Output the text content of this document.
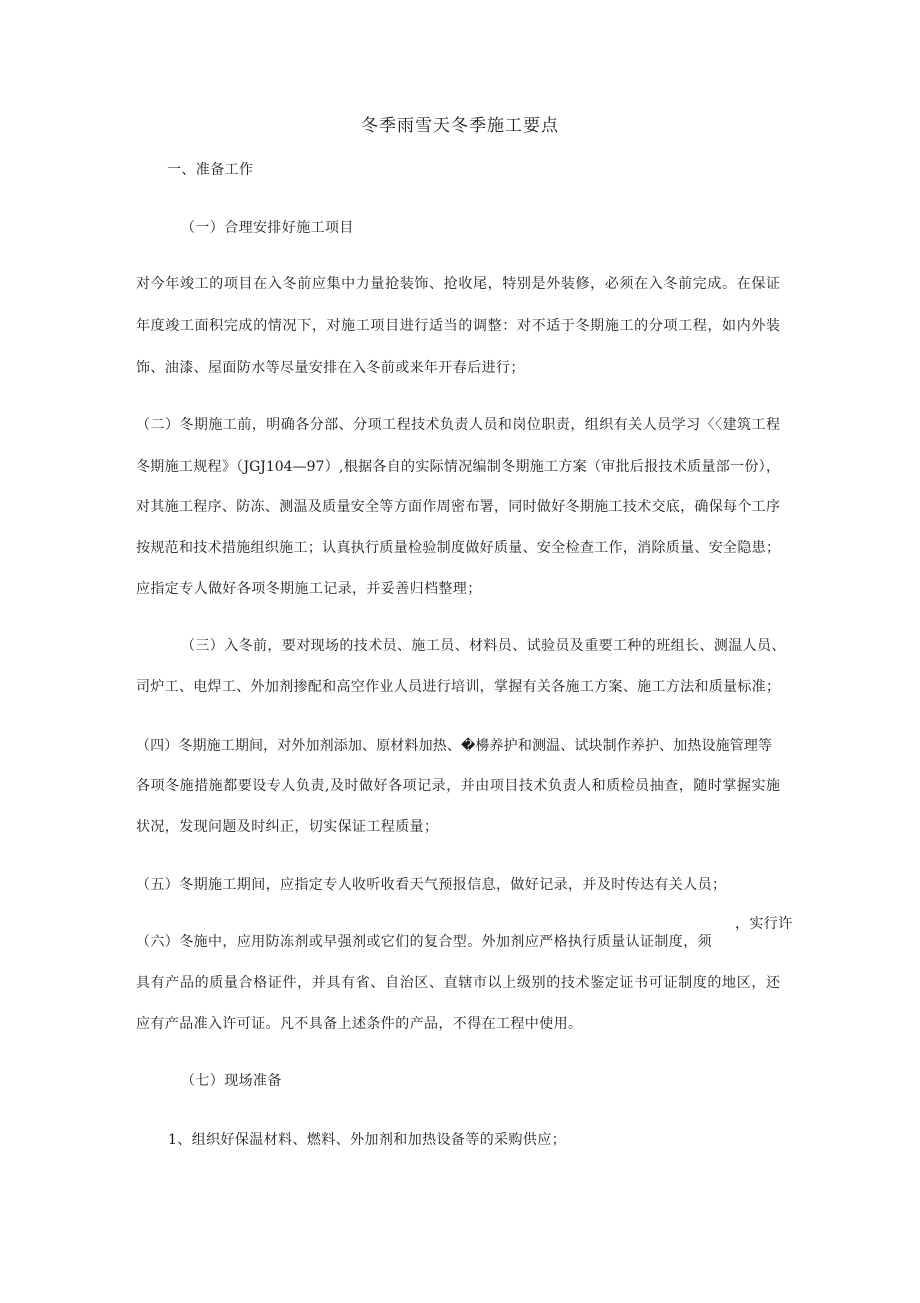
冬季雨雪天冬季施工要点
一、准备工作
（一）合理安排好施工项目
对今年竣工的项目在入冬前应集中力量抢装饰、抢收尾，特别是外装修，必须在入冬前完成。在保证
年度竣工面积完成的情况下，对施工项目进行适当的调整：对不适于冬期施工的分项工程，如内外装
饰、油漆、屋面防水等尽量安排在入冬前或来年开春后进行；
（二）冬期施工前，明确各分部、分项工程技术负责人员和岗位职责，组织有关人员学习〈〈建筑工程
冬期施工规程》（JGJ104—97）,根据各自的实际情况编制冬期施工方案（审批后报技术质量部一份），
对其施工程序、防冻、测温及质量安全等方面作周密布署，同时做好冬期施工技术交底，确保每个工序
按规范和技术措施组织施工；认真执行质量检验制度做好质量、安全检查工作，消除质量、安全隐患；
应指定专人做好各项冬期施工记录，并妥善归档整理；
（三）入冬前，要对现场的技术员、施工员、材料员、试验员及重要工种的班组长、测温人员、
司炉工、电焊工、外加剂掺配和高空作业人员进行培训，掌握有关各施工方案、施工方法和质量标准；
（四）冬期施工期间，对外加剂添加、原材料加热、�櫋养护和测温、试块制作养护、加热设施管理等
各项冬施措施都要设专人负责,及时做好各项记录，并由项目技术负责人和质检员抽查，随时掌握实施
状况，发现问题及时纠正，切实保证工程质量；
（五）冬期施工期间，应指定专人收听收看天气预报信息，做好记录，并及时传达有关人员；
，实行许
（六）冬施中，应用防冻剂或早强剂或它们的复合型。外加剂应严格执行质量认证制度，须
具有产品的质量合格证件，并具有省、自治区、直辖市以上级别的技术鉴定证书可证制度的地区，还
应有产品准入许可证。凡不具备上述条件的产品，不得在工程中使用。
（七）现场准备
1、组织好保温材料、燃料、外加剂和加热设备等的采购供应；
